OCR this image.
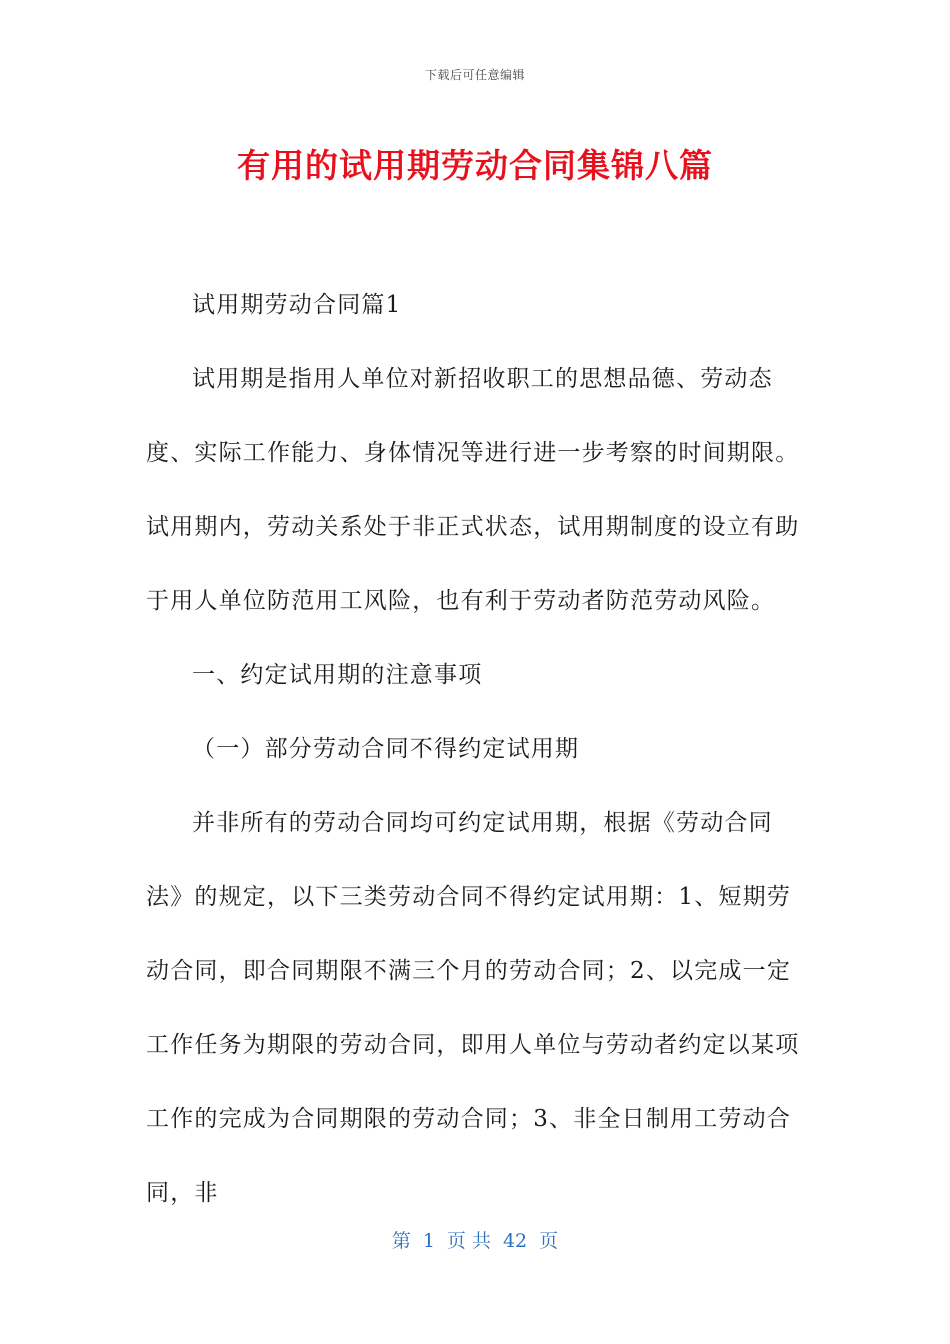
下载后可任意编辑
有用的试用期劳动合同集锦八篇

试用期劳动合同篇1

试用期是指用人单位对新招收职工的思想品德、劳动态度、实际工作能力、身体情况等进行进一步考察的时间期限。试用期内，劳动关系处于非正式状态，试用期制度的设立有助于用人单位防范用工风险，也有利于劳动者防范劳动风险。

一、约定试用期的注意事项

（一）部分劳动合同不得约定试用期

并非所有的劳动合同均可约定试用期，根据《劳动合同法》的规定，以下三类劳动合同不得约定试用期：1、短期劳动合同，即合同期限不满三个月的劳动合同；2、以完成一定工作任务为期限的劳动合同，即用人单位与劳动者约定以某项工作的完成为合同期限的劳动合同；3、非全日制用工劳动合同，非

第 1 页 共 42 页
